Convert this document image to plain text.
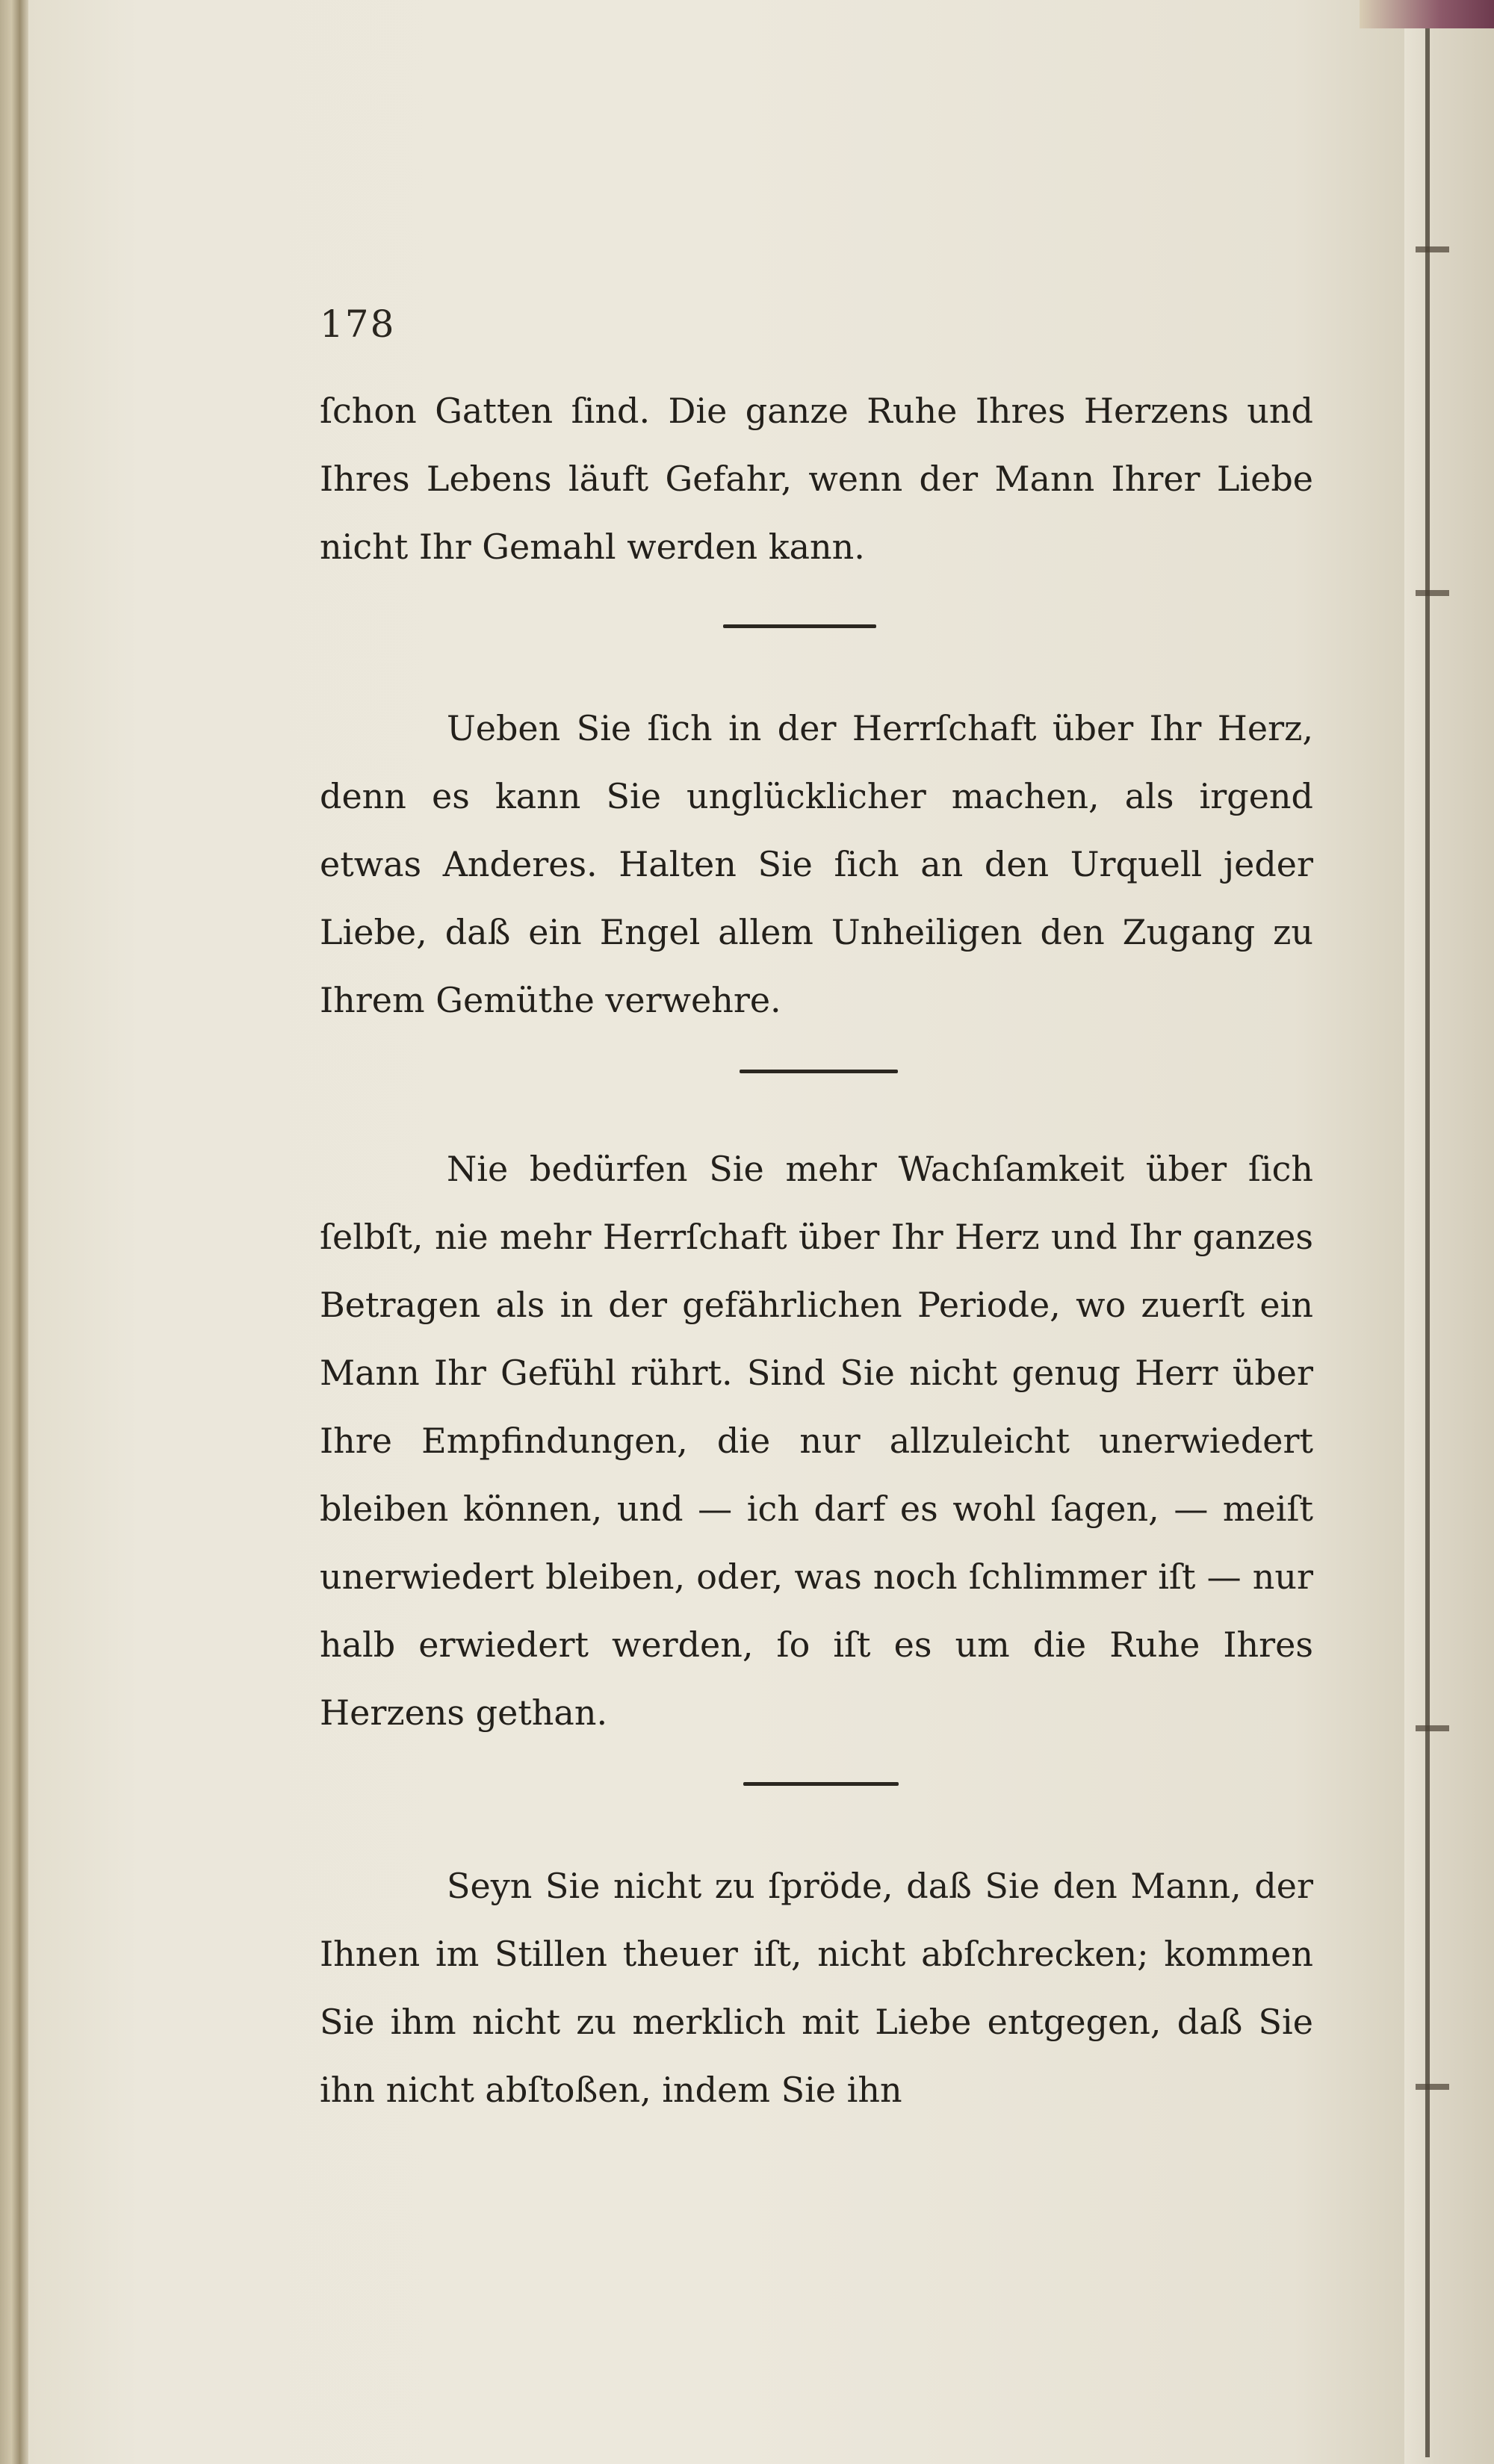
178
ſchon Gatten ſind. Die ganze Ruhe Ihres Herzens und Ihres Lebens läuft Gefahr, wenn der Mann Ihrer Liebe nicht Ihr Gemahl werden kann.
Ueben Sie ſich in der Herrſchaft über Ihr Herz, denn es kann Sie unglücklicher machen, als irgend etwas Anderes. Halten Sie ſich an den Urquell jeder Liebe, daß ein Engel allem Unheiligen den Zugang zu Ihrem Gemüthe verwehre.
Nie bedürfen Sie mehr Wachſamkeit über ſich ſelbſt, nie mehr Herrſchaft über Ihr Herz und Ihr ganzes Betragen als in der gefährlichen Periode, wo zuerſt ein Mann Ihr Gefühl rührt. Sind Sie nicht genug Herr über Ihre Empfindungen, die nur allzuleicht unerwiedert bleiben können, und — ich darf es wohl ſagen, — meiſt unerwiedert bleiben, oder, was noch ſchlimmer iſt — nur halb erwiedert werden, ſo iſt es um die Ruhe Ihres Herzens gethan.
Seyn Sie nicht zu ſpröde, daß Sie den Mann, der Ihnen im Stillen theuer iſt, nicht abſchrecken; kommen Sie ihm nicht zu merklich mit Liebe entgegen, daß Sie ihn nicht abſtoßen, indem Sie ihn
